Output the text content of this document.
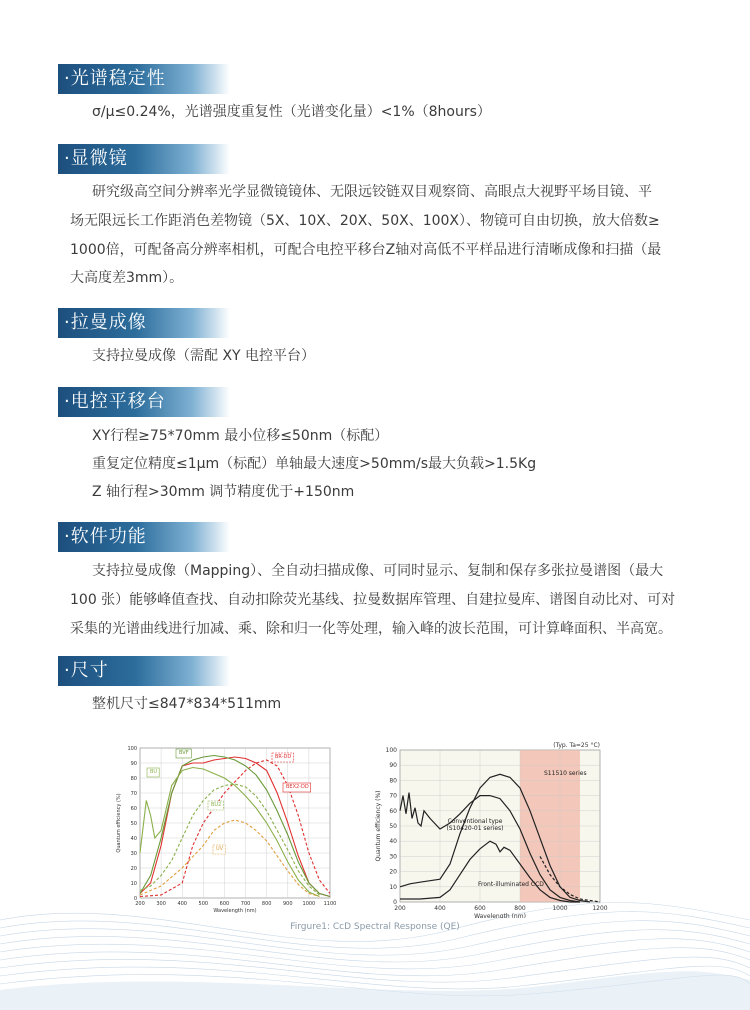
·光谱稳定性
σ/μ≤0.24%，光谱强度重复性（光谱变化量）<1%（8hours）
·显微镜
研究级高空间分辨率光学显微镜镜体、无限远铰链双目观察筒、高眼点大视野平场目镜、平
场无限远长工作距消色差物镜（5X、10X、20X、50X、100X）、物镜可自由切换，放大倍数≥
1000倍，可配备高分辨率相机，可配合电控平移台Z轴对高低不平样品进行清晰成像和扫描（最
大高度差3mm）。
·拉曼成像
支持拉曼成像（需配 XY 电控平台）
·电控平移台
XY行程≥75*70mm 最小位移≤50nm（标配）
重复定位精度≤1μm（标配）单轴最大速度>50mm/s最大负载>1.5Kg
Z 轴行程>30mm 调节精度优于+150nm
·软件功能
支持拉曼成像（Mapping）、全自动扫描成像、可同时显示、复制和保存多张拉曼谱图（最大
100 张）能够峰值查找、自动扣除荧光基线、拉曼数据库管理、自建拉曼库、谱图自动比对、可对
采集的光谱曲线进行加减、乘、除和归一化等处理，输入峰的波长范围，可计算峰面积、半高宽。
·尺寸
整机尺寸≤847*834*511mm
0
10
20
30
40
50
60
70
80
90
100
200 300 400 500 600 700 800 900 1000 1100
Wavelength (nm)
Quantum efficiency (%)
BEX2-DD
BR-DD
BVF
BU
BU2
UV
0
10
20
30
40
50
60
70
80
90
100
200	400	600	800	1000	1200
Wavelength (nm)
Quantum efficiency (%)
(Typ. Ta=25 °C)
S11510 series
Front-illuminated CCD
Conventional type
(S10420-01 series)
Firgure1: CcD Spectral Response (QE)
